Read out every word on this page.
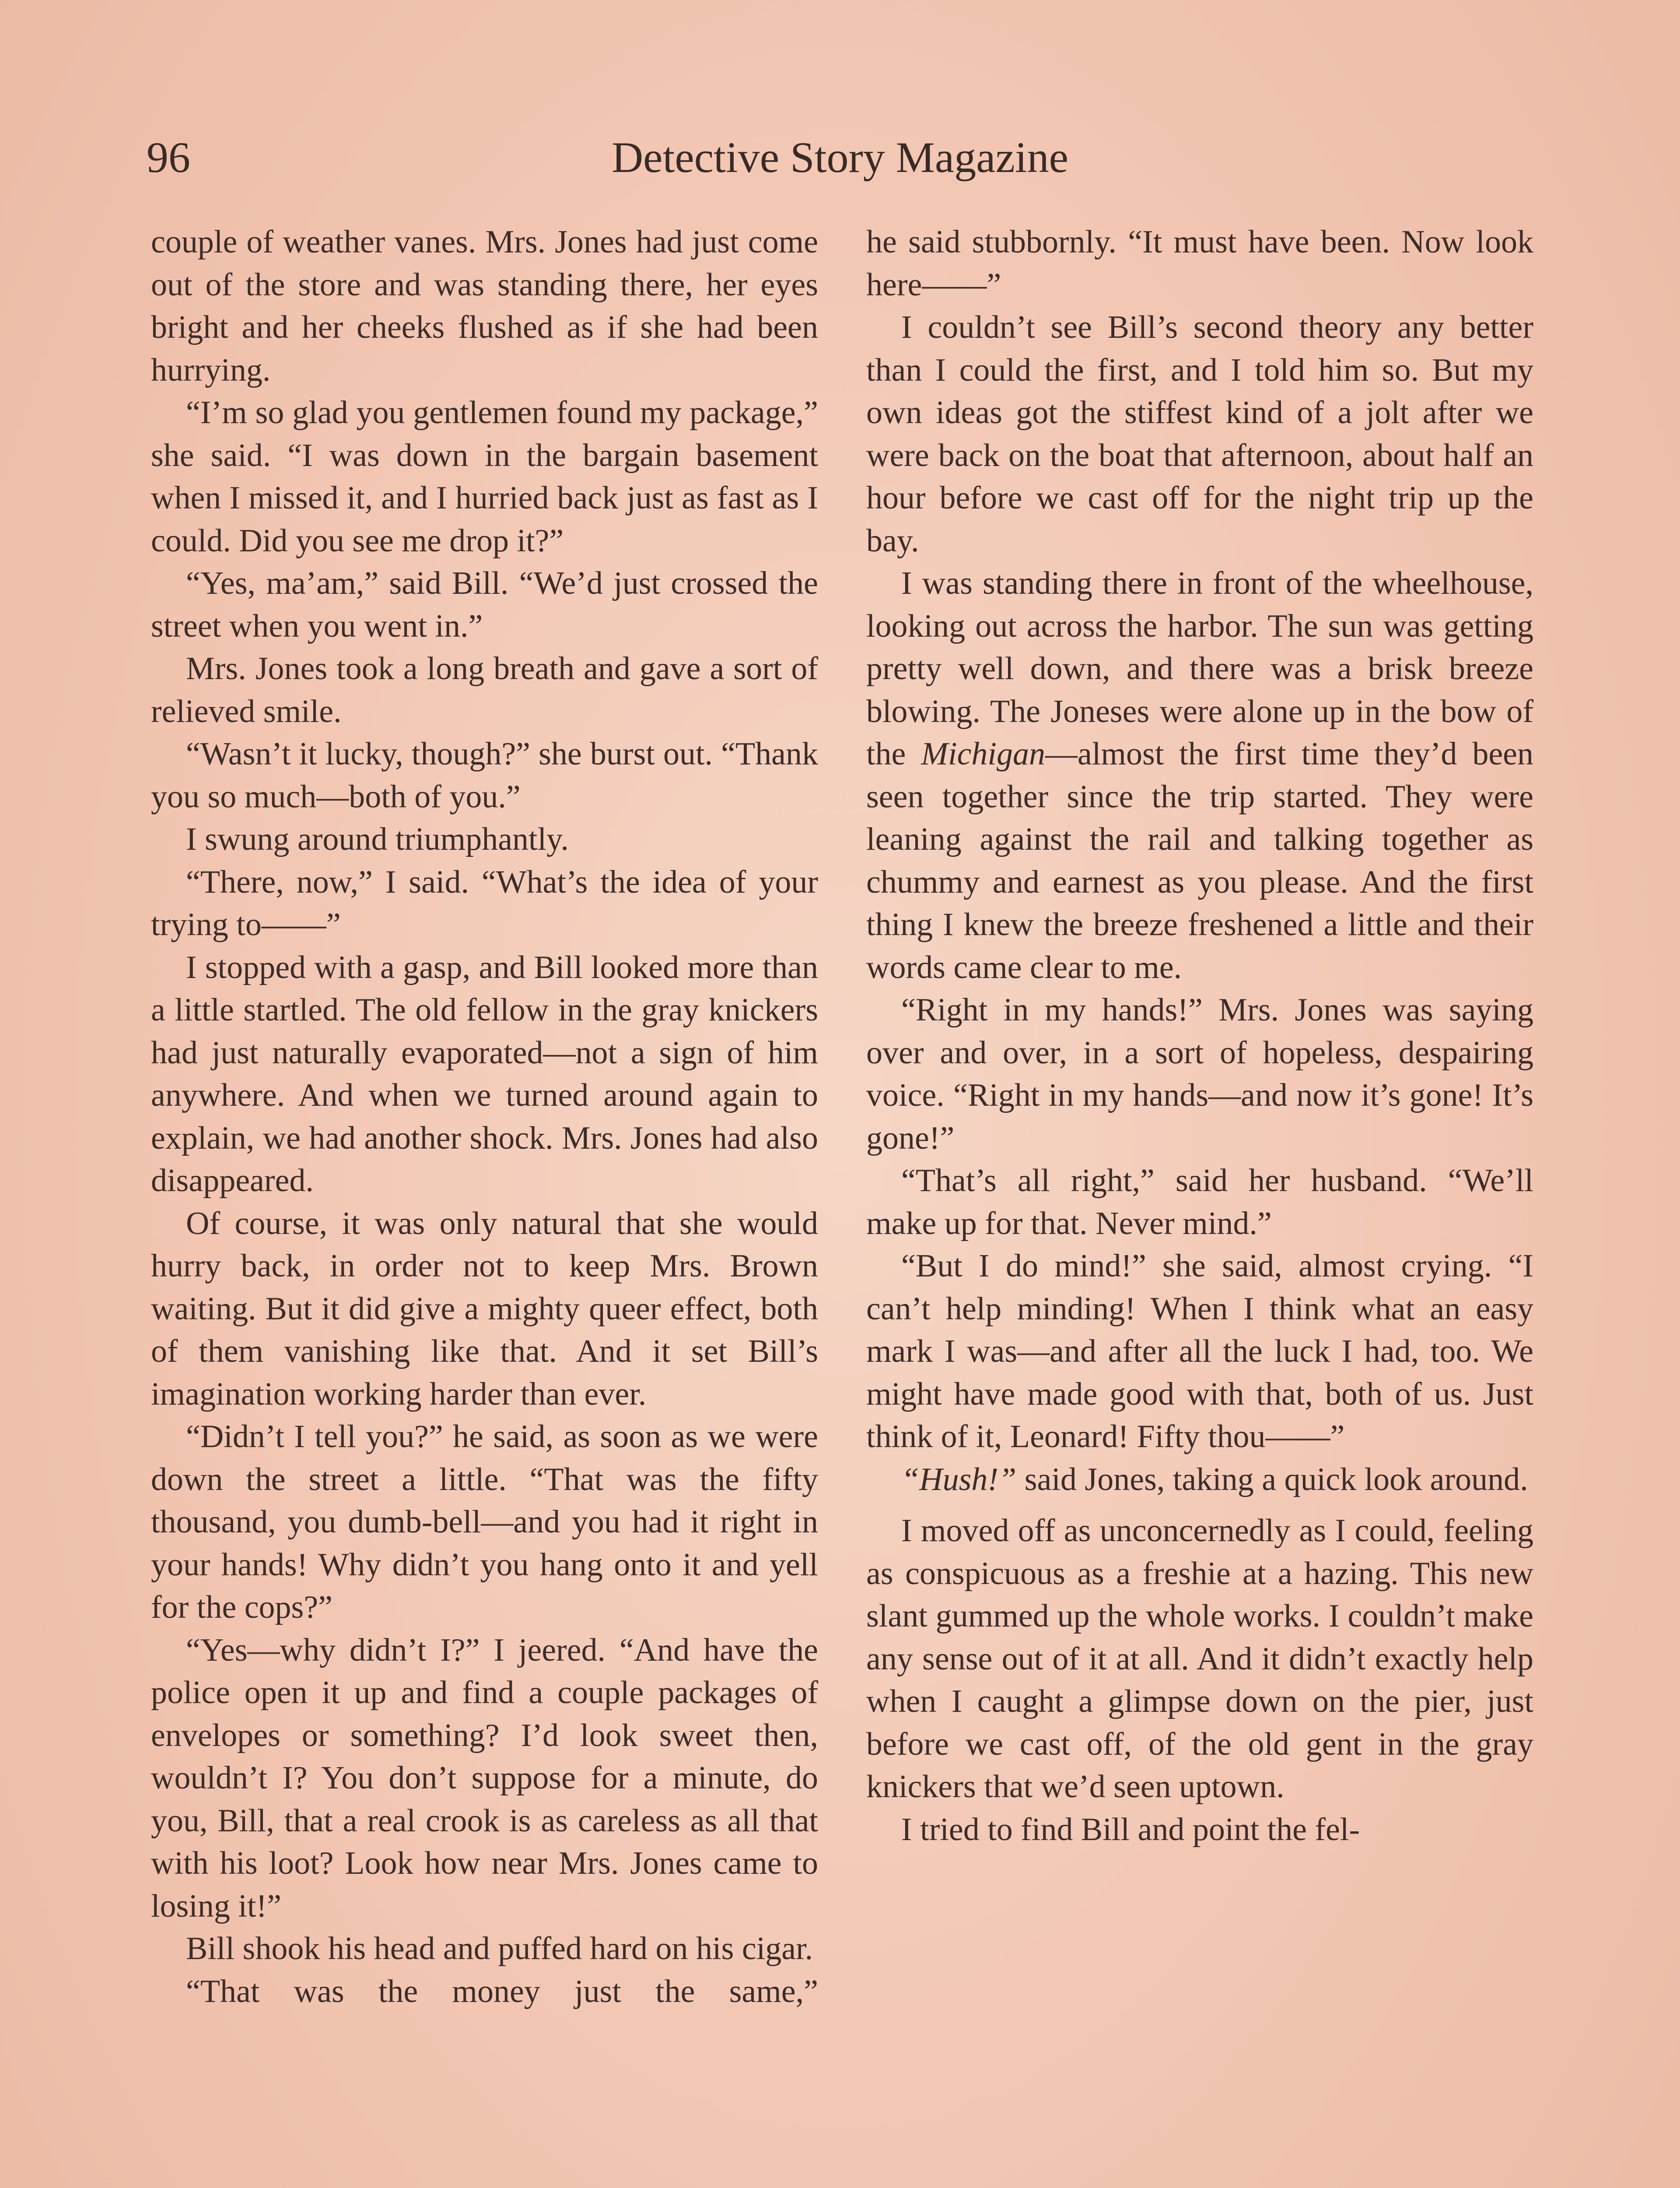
96	Detective Story Magazine

couple of weather vanes. Mrs. Jones had just come out of the store and was standing there, her eyes bright and her cheeks flushed as if she had been hurrying.

“I’m so glad you gentlemen found my package,” she said. “I was down in the bargain basement when I missed it, and I hurried back just as fast as I could. Did you see me drop it?”

“Yes, ma’am,” said Bill. “We’d just crossed the street when you went in.”

Mrs. Jones took a long breath and gave a sort of relieved smile.

“Wasn’t it lucky, though?” she burst out. “Thank you so much—both of you.”

I swung around triumphantly.

“There, now,” I said. “What’s the idea of your trying to——”

I stopped with a gasp, and Bill looked more than a little startled. The old fellow in the gray knickers had just naturally evaporated—not a sign of him anywhere. And when we turned around again to explain, we had another shock. Mrs. Jones had also disappeared.

Of course, it was only natural that she would hurry back, in order not to keep Mrs. Brown waiting. But it did give a mighty queer effect, both of them vanishing like that. And it set Bill’s imagination working harder than ever.

“Didn’t I tell you?” he said, as soon as we were down the street a little. “That was the fifty thousand, you dumb-bell—and you had it right in your hands! Why didn’t you hang onto it and yell for the cops?”

“Yes—why didn’t I?” I jeered. “And have the police open it up and find a couple packages of envelopes or something? I’d look sweet then, wouldn’t I? You don’t suppose for a minute, do you, Bill, that a real crook is as careless as all that with his loot? Look how near Mrs. Jones came to losing it!”

Bill shook his head and puffed hard on his cigar.

“That was the money just the same,”

he said stubbornly. “It must have been. Now look here——”

I couldn’t see Bill’s second theory any better than I could the first, and I told him so. But my own ideas got the stiffest kind of a jolt after we were back on the boat that afternoon, about half an hour before we cast off for the night trip up the bay.

I was standing there in front of the wheelhouse, looking out across the harbor. The sun was getting pretty well down, and there was a brisk breeze blowing. The Joneses were alone up in the bow of the Michigan—almost the first time they’d been seen together since the trip started. They were leaning against the rail and talking together as chummy and earnest as you please. And the first thing I knew the breeze freshened a little and their words came clear to me.

“Right in my hands!” Mrs. Jones was saying over and over, in a sort of hopeless, despairing voice. “Right in my hands—and now it’s gone! It’s gone!”

“That’s all right,” said her husband. “We’ll make up for that. Never mind.”

“But I do mind!” she said, almost crying. “I can’t help minding! When I think what an easy mark I was—and after all the luck I had, too. We might have made good with that, both of us. Just think of it, Leonard! Fifty thou——”

“Hush!” said Jones, taking a quick look around.

I moved off as unconcernedly as I could, feeling as conspicuous as a freshie at a hazing. This new slant gummed up the whole works. I couldn’t make any sense out of it at all. And it didn’t exactly help when I caught a glimpse down on the pier, just before we cast off, of the old gent in the gray knickers that we’d seen uptown.

I tried to find Bill and point the fel-
